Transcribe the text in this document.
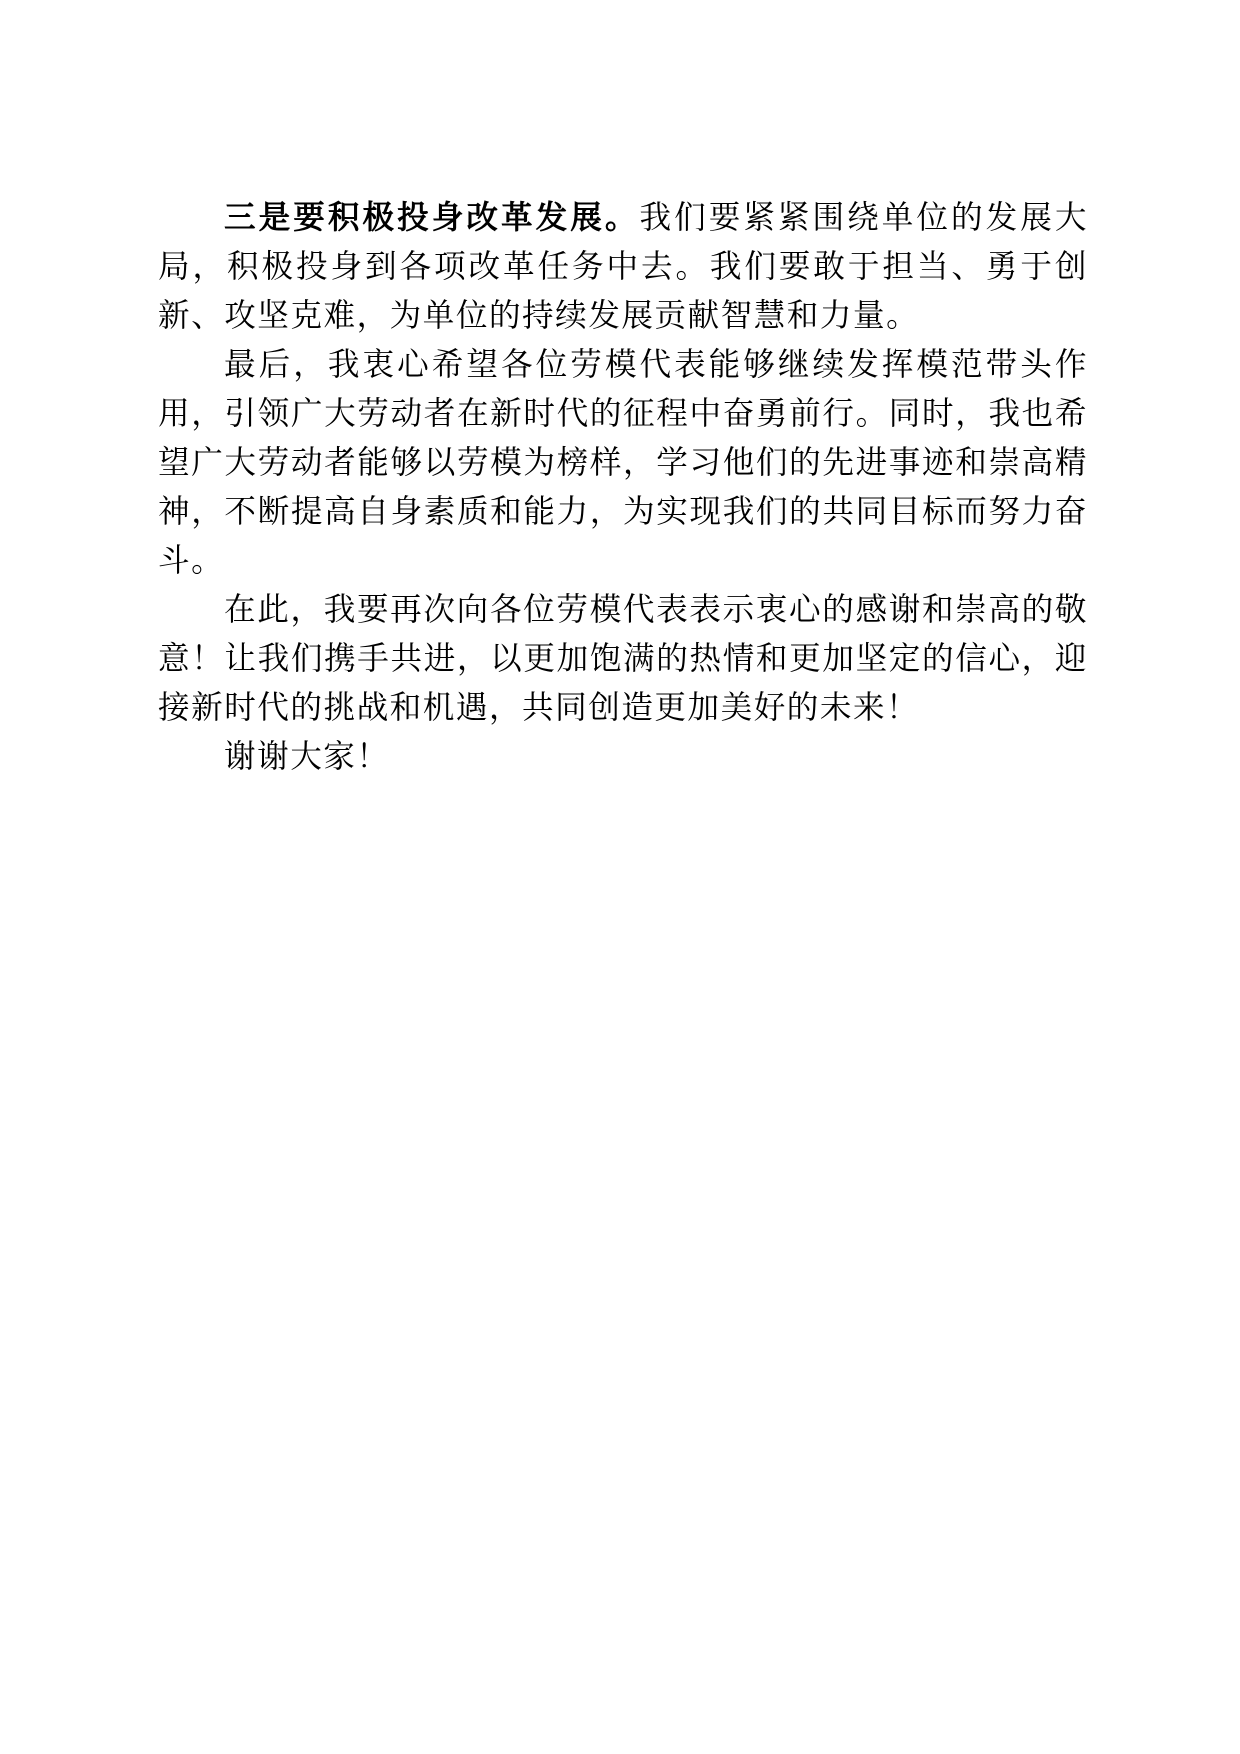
三是要积极投身改革发展。我们要紧紧围绕单位的发展大局，积极投身到各项改革任务中去。我们要敢于担当、勇于创新、攻坚克难，为单位的持续发展贡献智慧和力量。

最后，我衷心希望各位劳模代表能够继续发挥模范带头作用，引领广大劳动者在新时代的征程中奋勇前行。同时，我也希望广大劳动者能够以劳模为榜样，学习他们的先进事迹和崇高精神，不断提高自身素质和能力，为实现我们的共同目标而努力奋斗。

在此，我要再次向各位劳模代表表示衷心的感谢和崇高的敬意！让我们携手共进，以更加饱满的热情和更加坚定的信心，迎接新时代的挑战和机遇，共同创造更加美好的未来！

谢谢大家！
